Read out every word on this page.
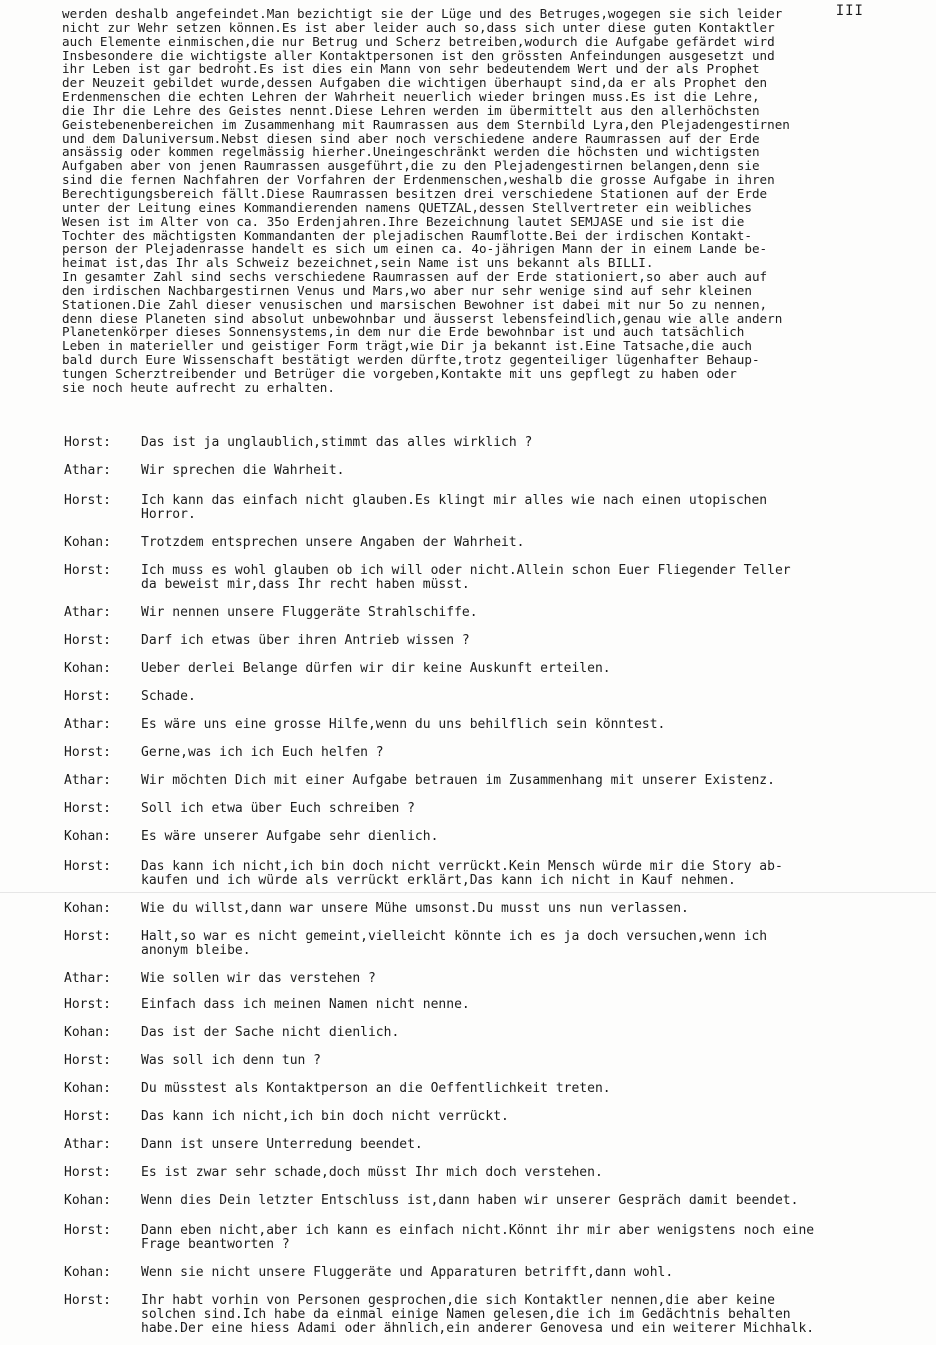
III
werden deshalb angefeindet.Man bezichtigt sie der Lüge und des Betruges,wogegen sie sich leider
nicht zur Wehr setzen können.Es ist aber leider auch so,dass sich unter diese guten Kontaktler
auch Elemente einmischen,die nur Betrug und Scherz betreiben,wodurch die Aufgabe gefärdet wird
Insbesondere die wichtigste aller Kontaktpersonen ist den grössten Anfeindungen ausgesetzt und
ihr Leben ist gar bedroht.Es ist dies ein Mann von sehr bedeutendem Wert und der als Prophet
der Neuzeit gebildet wurde,dessen Aufgaben die wichtigen überhaupt sind,da er als Prophet den
Erdenmenschen die echten Lehren der Wahrheit neuerlich wieder bringen muss.Es ist die Lehre,
die Ihr die Lehre des Geistes nennt.Diese Lehren werden im übermittelt aus den allerhöchsten
Geistebenenbereichen im Zusammenhang mit Raumrassen aus dem Sternbild Lyra,den Plejadengestirnen
und dem Daluniversum.Nebst diesen sind aber noch verschiedene andere Raumrassen auf der Erde
ansässig oder kommen regelmässig hierher.Uneingeschränkt werden die höchsten und wichtigsten
Aufgaben aber von jenen Raumrassen ausgeführt,die zu den Plejadengestirnen belangen,denn sie
sind die fernen Nachfahren der Vorfahren der Erdenmenschen,weshalb die grosse Aufgabe in ihren
Berechtigungsbereich fällt.Diese Raumrassen besitzen drei verschiedene Stationen auf der Erde
unter der Leitung eines Kommandierenden namens QUETZAL,dessen Stellvertreter ein weibliches
Wesen ist im Alter von ca. 35o Erdenjahren.Ihre Bezeichnung lautet SEMJASE und sie ist die
Tochter des mächtigsten Kommandanten der plejadischen Raumflotte.Bei der irdischen Kontakt-
person der Plejadenrasse handelt es sich um einen ca. 4o-jährigen Mann der in einem Lande be-
heimat ist,das Ihr als Schweiz bezeichnet,sein Name ist uns bekannt als BILLI.
In gesamter Zahl sind sechs verschiedene Raumrassen auf der Erde stationiert,so aber auch auf
den irdischen Nachbargestirnen Venus und Mars,wo aber nur sehr wenige sind auf sehr kleinen
Stationen.Die Zahl dieser venusischen und marsischen Bewohner ist dabei mit nur 5o zu nennen,
denn diese Planeten sind absolut unbewohnbar und äusserst lebensfeindlich,genau wie alle andern
Planetenkörper dieses Sonnensystems,in dem nur die Erde bewohnbar ist und auch tatsächlich
Leben in materieller und geistiger Form trägt,wie Dir ja bekannt ist.Eine Tatsache,die auch
bald durch Eure Wissenschaft bestätigt werden dürfte,trotz gegenteiliger lügenhafter Behaup-
tungen Scherztreibender und Betrüger die vorgeben,Kontakte mit uns gepflegt zu haben oder
sie noch heute aufrecht zu erhalten.
Horst:	Das ist ja unglaublich,stimmt das alles wirklich ?
Athar:	Wir sprechen die Wahrheit.
Horst:	Ich kann das einfach nicht glauben.Es klingt mir alles wie nach einen utopischen
Horror.
Kohan:	Trotzdem entsprechen unsere Angaben der Wahrheit.
Horst:	Ich muss es wohl glauben ob ich will oder nicht.Allein schon Euer Fliegender Teller
da beweist mir,dass Ihr recht haben müsst.
Athar:	Wir nennen unsere Fluggeräte Strahlschiffe.
Horst:	Darf ich etwas über ihren Antrieb wissen ?
Kohan:	Ueber derlei Belange dürfen wir dir keine Auskunft erteilen.
Horst:	Schade.
Athar:	Es wäre uns eine grosse Hilfe,wenn du uns behilflich sein könntest.
Horst:	Gerne,was ich ich Euch helfen ?
Athar:	Wir möchten Dich mit einer Aufgabe betrauen im Zusammenhang mit unserer Existenz.
Horst:	Soll ich etwa über Euch schreiben ?
Kohan:	Es wäre unserer Aufgabe sehr dienlich.
Horst:	Das kann ich nicht,ich bin doch nicht verrückt.Kein Mensch würde mir die Story ab-
kaufen und ich würde als verrückt erklärt,Das kann ich nicht in Kauf nehmen.
Kohan:	Wie du willst,dann war unsere Mühe umsonst.Du musst uns nun verlassen.
Horst:	Halt,so war es nicht gemeint,vielleicht könnte ich es ja doch versuchen,wenn ich
anonym bleibe.
Athar:	Wie sollen wir das verstehen ?
Horst:	Einfach dass ich meinen Namen nicht nenne.
Kohan:	Das ist der Sache nicht dienlich.
Horst:	Was soll ich denn tun ?
Kohan:	Du müsstest als Kontaktperson an die Oeffentlichkeit treten.
Horst:	Das kann ich nicht,ich bin doch nicht verrückt.
Athar:	Dann ist unsere Unterredung beendet.
Horst:	Es ist zwar sehr schade,doch müsst Ihr mich doch verstehen.
Kohan:	Wenn dies Dein letzter Entschluss ist,dann haben wir unserer Gespräch damit beendet.
Horst:	Dann eben nicht,aber ich kann es einfach nicht.Könnt ihr mir aber wenigstens noch eine
Frage beantworten ?
Kohan:	Wenn sie nicht unsere Fluggeräte und Apparaturen betrifft,dann wohl.
Horst:	Ihr habt vorhin von Personen gesprochen,die sich Kontaktler nennen,die aber keine
solchen sind.Ich habe da einmal einige Namen gelesen,die ich im Gedächtnis behalten
habe.Der eine hiess Adami oder ähnlich,ein anderer Genovesa und ein weiterer Michhalk.
